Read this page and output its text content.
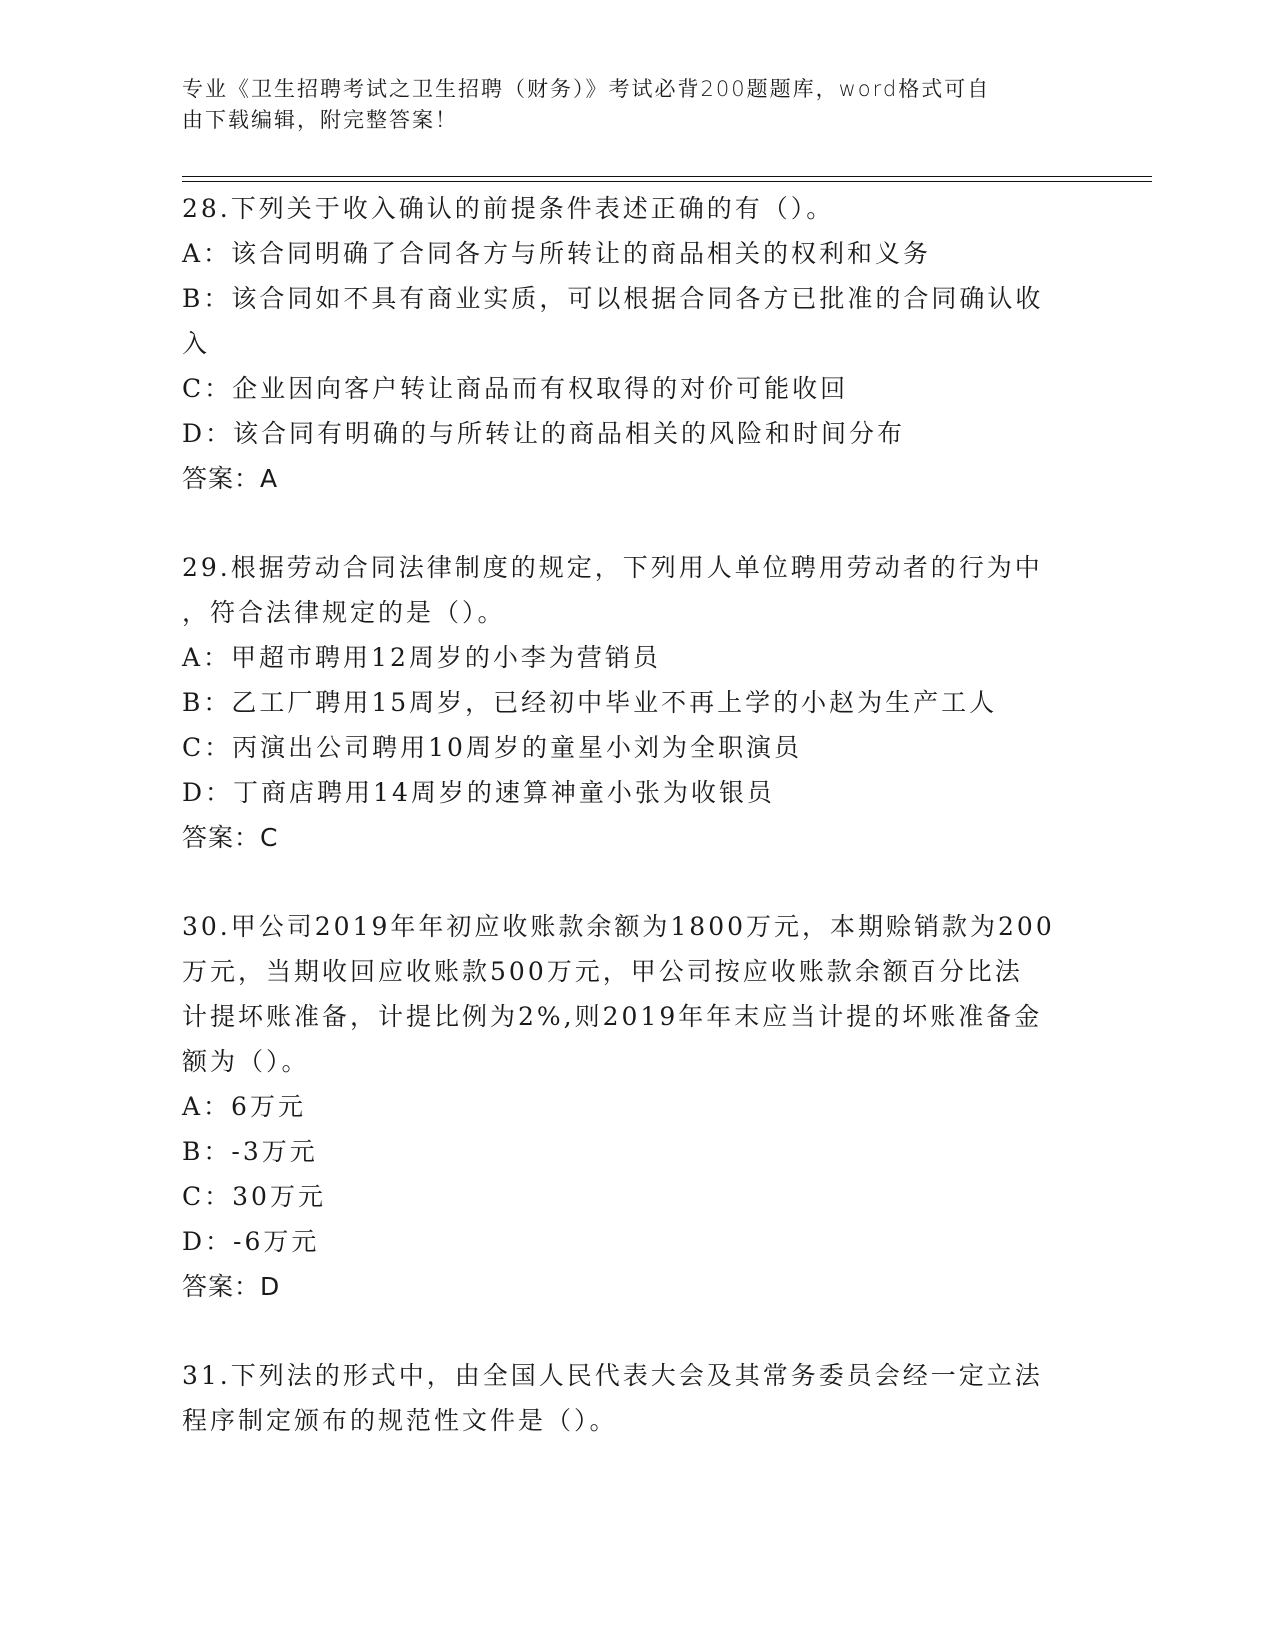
专业《卫生招聘考试之卫生招聘（财务）》考试必背200题题库，word格式可自
由下载编辑，附完整答案！
28.下列关于收入确认的前提条件表述正确的有（）。
A：该合同明确了合同各方与所转让的商品相关的权利和义务
B：该合同如不具有商业实质，可以根据合同各方已批准的合同确认收
入
C：企业因向客户转让商品而有权取得的对价可能收回
D：该合同有明确的与所转让的商品相关的风险和时间分布
答案：A
29.根据劳动合同法律制度的规定，下列用人单位聘用劳动者的行为中
，符合法律规定的是（）。
A：甲超市聘用12周岁的小李为营销员
B：乙工厂聘用15周岁，已经初中毕业不再上学的小赵为生产工人
C：丙演出公司聘用10周岁的童星小刘为全职演员
D：丁商店聘用14周岁的速算神童小张为收银员
答案：C
30.甲公司2019年年初应收账款余额为1800万元，本期赊销款为200
万元，当期收回应收账款500万元，甲公司按应收账款余额百分比法
计提坏账准备，计提比例为2%,则2019年年末应当计提的坏账准备金
额为（）。
A：6万元
B：-3万元
C：30万元
D：-6万元
答案：D
31.下列法的形式中，由全国人民代表大会及其常务委员会经一定立法
程序制定颁布的规范性文件是（）。
